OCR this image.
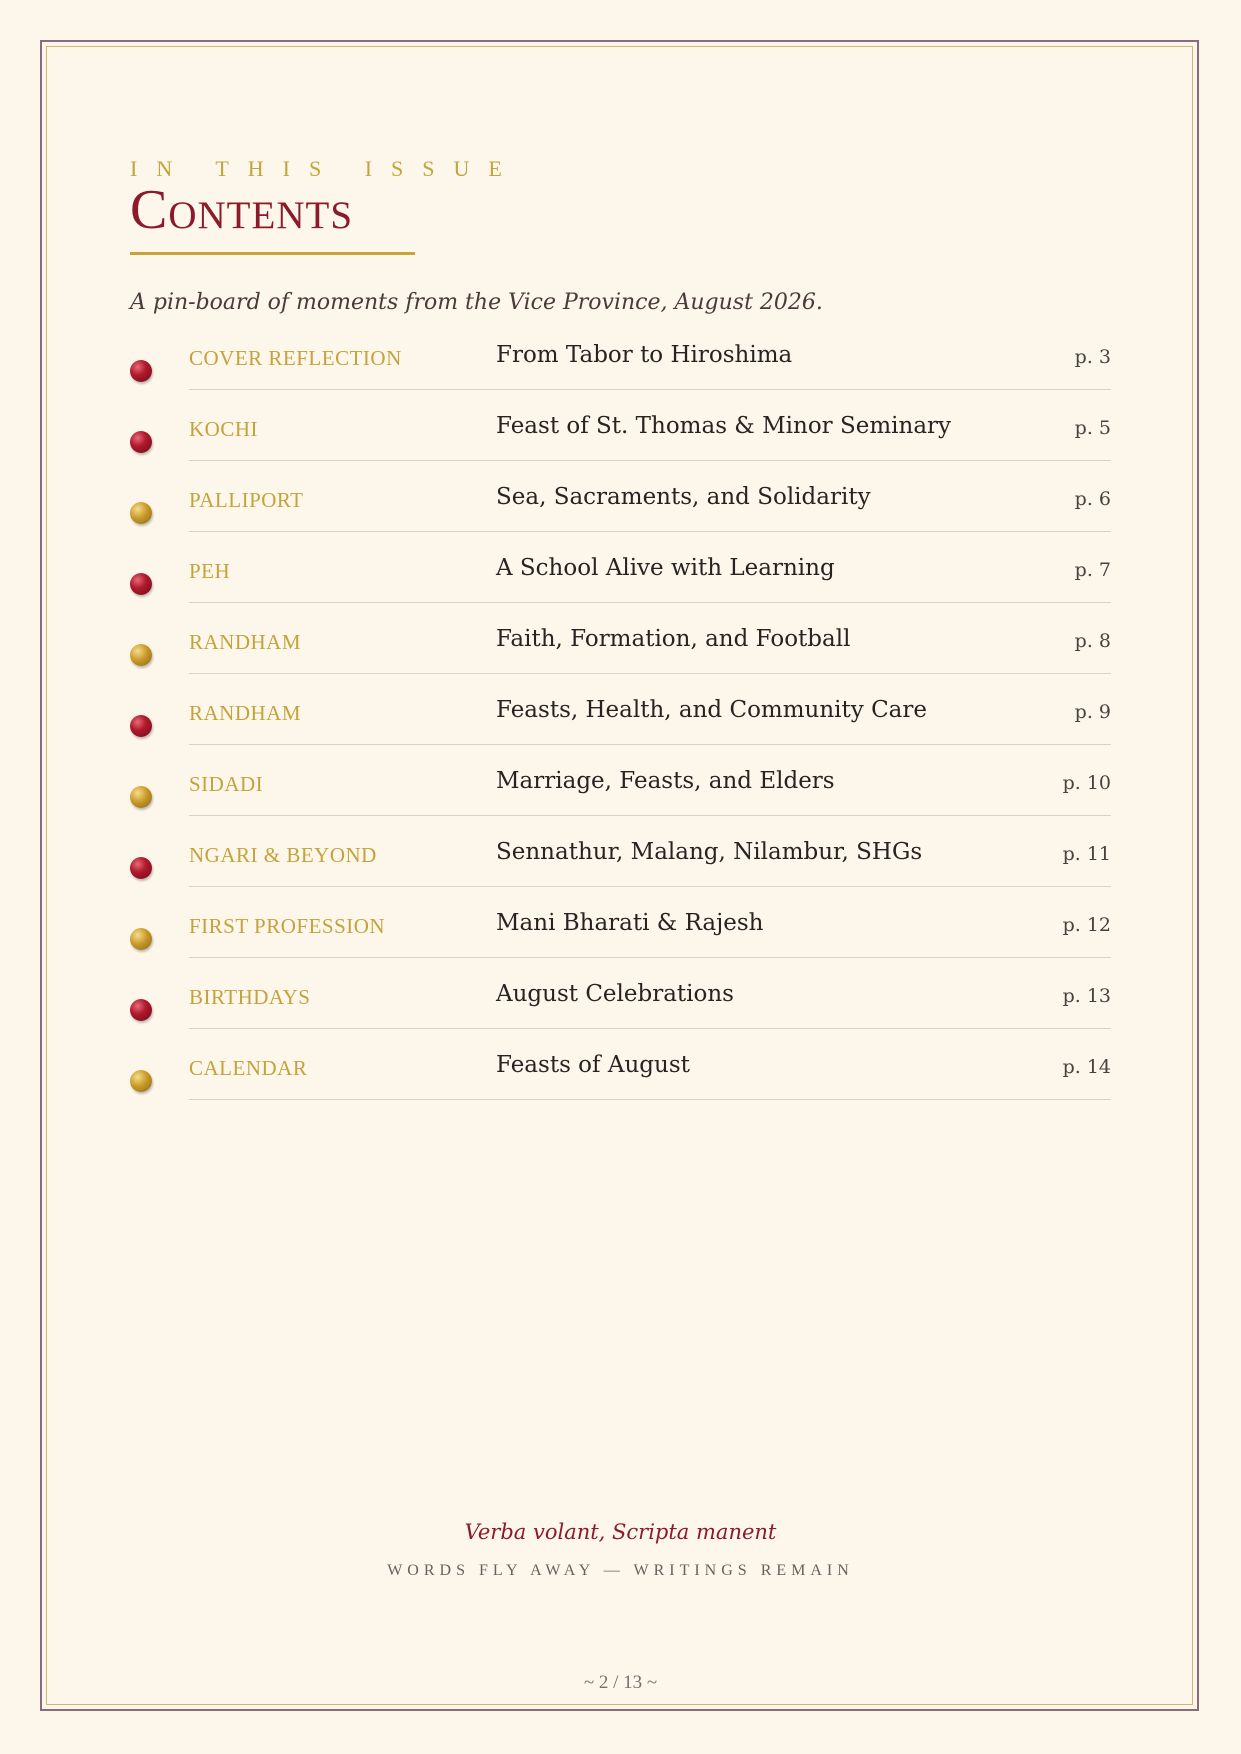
IN THIS ISSUE
Contents
A pin-board of moments from the Vice Province, August 2026.
COVER REFLECTION	From Tabor to Hiroshima	p. 3
KOCHI	Feast of St. Thomas & Minor Seminary	p. 5
PALLIPORT	Sea, Sacraments, and Solidarity	p. 6
PEH	A School Alive with Learning	p. 7
RANDHAM	Faith, Formation, and Football	p. 8
RANDHAM	Feasts, Health, and Community Care	p. 9
SIDADI	Marriage, Feasts, and Elders	p. 10
NGARI & BEYOND	Sennathur, Malang, Nilambur, SHGs	p. 11
FIRST PROFESSION	Mani Bharati & Rajesh	p. 12
BIRTHDAYS	August Celebrations	p. 13
CALENDAR	Feasts of August	p. 14
Verba volant, Scripta manent
WORDS FLY AWAY — WRITINGS REMAIN
~ 2 / 13 ~
